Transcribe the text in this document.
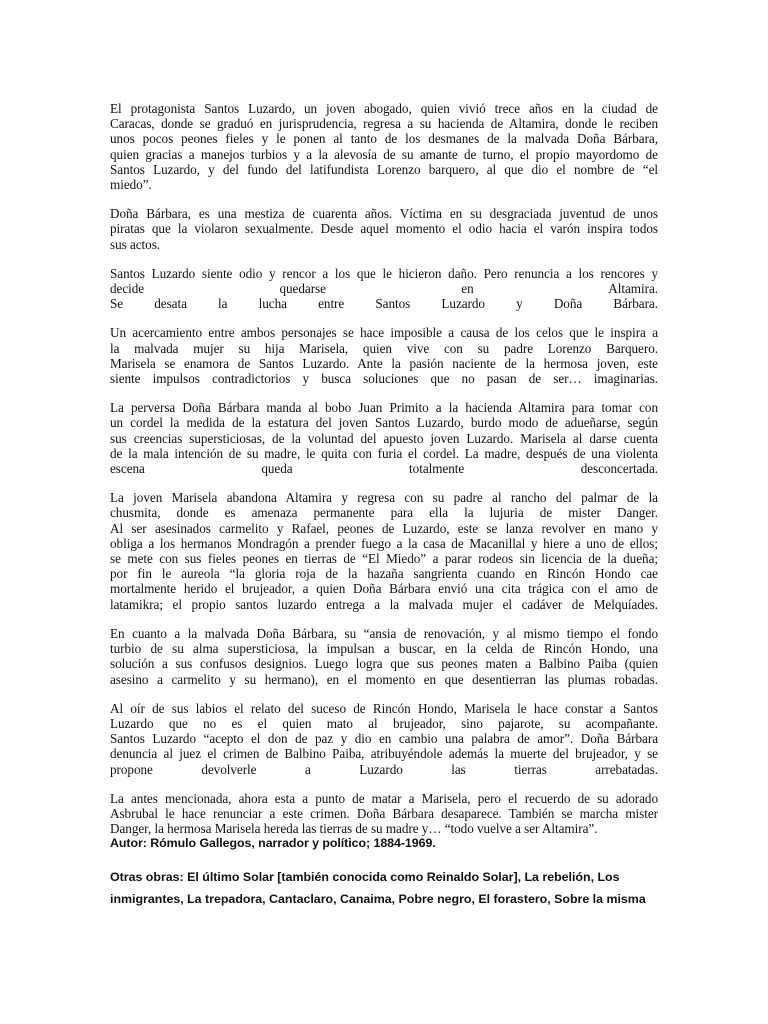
El protagonista Santos Luzardo, un joven abogado, quien vivió trece años en la ciudad de
Caracas, donde se graduó en jurisprudencia, regresa a su hacienda de Altamira, donde le reciben
unos pocos peones fieles y le ponen al tanto de los desmanes de la malvada Doña Bárbara,
quien gracias a manejos turbios y a la alevosía de su amante de turno, el propio mayordomo de
Santos Luzardo, y del fundo del latifundista Lorenzo barquero, al que dio el nombre de “el
miedo”.

Doña Bárbara, es una mestiza de cuarenta años. Víctima en su desgraciada juventud de unos
piratas que la violaron sexualmente. Desde aquel momento el odio hacia el varón inspira todos
sus actos.

Santos Luzardo siente odio y rencor a los que le hicieron daño. Pero renuncia a los rencores y
decide quedarse en Altamira.
Se desata la lucha entre Santos Luzardo y Doña Bárbara.

Un acercamiento entre ambos personajes se hace imposible a causa de los celos que le inspira a
la malvada mujer su hija Marisela, quien vive con su padre Lorenzo Barquero.
Marisela se enamora de Santos Luzardo. Ante la pasión naciente de la hermosa joven, este
siente impulsos contradictorios y busca soluciones que no pasan de ser… imaginarias.

La perversa Doña Bárbara manda al bobo Juan Primito a la hacienda Altamira para tomar con
un cordel la medida de la estatura del joven Santos Luzardo, burdo modo de adueñarse, según
sus creencias supersticiosas, de la voluntad del apuesto joven Luzardo. Marisela al darse cuenta
de la mala intención de su madre, le quita con furia el cordel. La madre, después de una violenta
escena queda totalmente desconcertada.

La joven Marisela abandona Altamira y regresa con su padre al rancho del palmar de la
chusmita, donde es amenaza permanente para ella la lujuria de mister Danger.
Al ser asesinados carmelito y Rafael, peones de Luzardo, este se lanza revolver en mano y
obliga a los hermanos Mondragón a prender fuego a la casa de Macanillal y hiere a uno de ellos;
se mete con sus fieles peones en tierras de “El Miedo” a parar rodeos sin licencia de la dueña;
por fin le aureola “la gloria roja de la hazaña sangrienta cuando en Rincón Hondo cae
mortalmente herido el brujeador, a quien Doña Bárbara envió una cita trágica con el amo de
latamikra; el propio santos luzardo entrega a la malvada mujer el cadáver de Melquíades.

En cuanto a la malvada Doña Bárbara, su “ansia de renovación, y al mismo tiempo el fondo
turbio de su alma supersticiosa, la impulsan a buscar, en la celda de Rincón Hondo, una
solución a sus confusos designios. Luego logra que sus peones maten a Balbino Paiba (quien
asesino a carmelito y su hermano), en el momento en que desentierran las plumas robadas.

Al oír de sus labios el relato del suceso de Rincón Hondo, Marisela le hace constar a Santos
Luzardo que no es el quien mato al brujeador, sino pajarote, su acompañante.
Santos Luzardo “acepto el don de paz y dio en cambio una palabra de amor”. Doña Bárbara
denuncia al juez el crimen de Balbino Paiba, atribuyéndole además la muerte del brujeador, y se
propone devolverle a Luzardo las tierras arrebatadas.

La antes mencionada, ahora esta a punto de matar a Marisela, pero el recuerdo de su adorado
Asbrubal le hace renunciar a este crimen. Doña Bárbara desaparece. También se marcha mister
Danger, la hermosa Marisela hereda las tierras de su madre y… “todo vuelve a ser Altamira”.
Autor: Rómulo Gallegos, narrador y político; 1884-1969.

Otras obras: El último Solar [también conocida como Reinaldo Solar], La rebelión, Los
inmigrantes, La trepadora, Cantaclaro, Canaima, Pobre negro, El forastero, Sobre la misma
